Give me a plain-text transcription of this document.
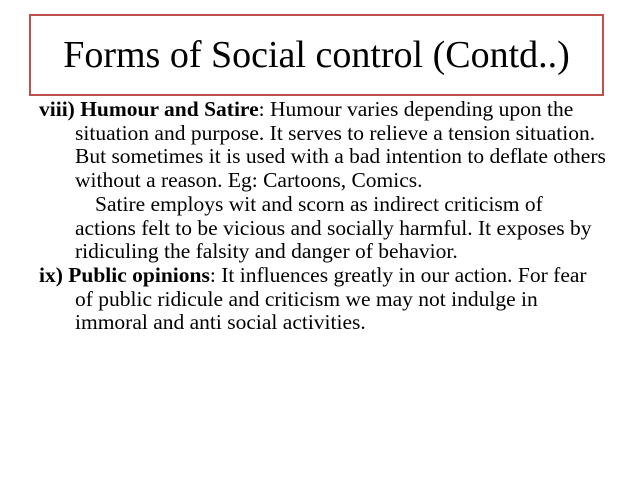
Forms of Social control (Contd..)
viii) Humour and Satire: Humour varies depending upon the situation and purpose. It serves to relieve a tension situation. But sometimes it is used with a bad intention to deflate others without a reason. Eg: Cartoons, Comics.
Satire employs wit and scorn as indirect criticism of actions felt to be vicious and socially harmful. It exposes by ridiculing the falsity and danger of behavior.
ix) Public opinions: It influences greatly in our action. For fear of public ridicule and criticism we may not indulge in immoral and anti social activities.
